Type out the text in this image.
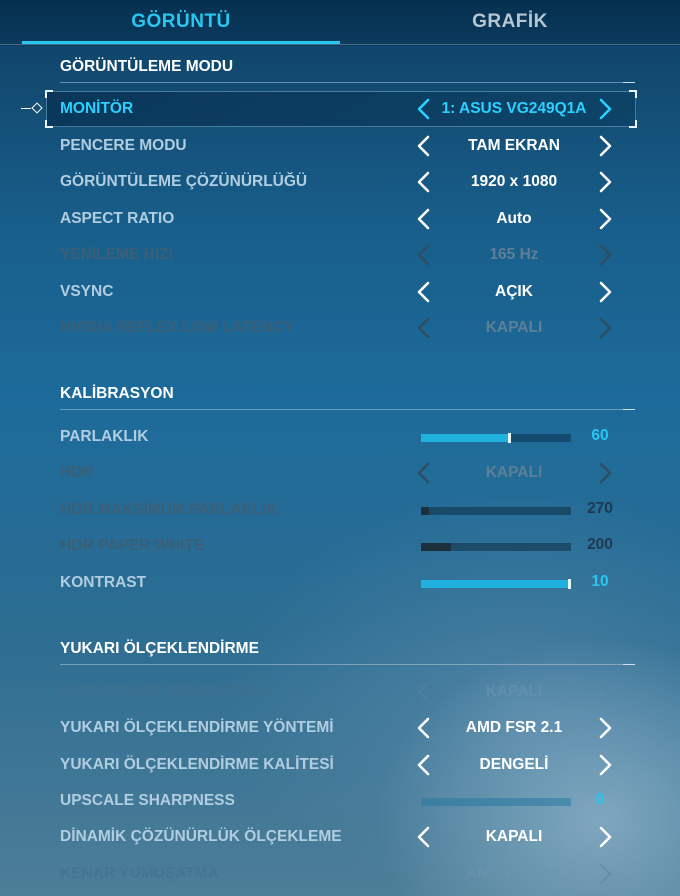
GÖRÜNTÜ	GRAFİK
GÖRÜNTÜLEME MODU
MONİTÖR	1: ASUS VG249Q1A
PENCERE MODU	TAM EKRAN
GÖRÜNTÜLEME ÇÖZÜNÜRLÜĞÜ	1920 x 1080
ASPECT RATIO	Auto
YENİLEME HIZI	165 Hz
VSYNC	AÇIK
NVIDIA REFLEX LOW LATENCY	KAPALI
KALİBRASYON
PARLAKLIK	60
HDR	KAPALI
HDR MAKSİMUM PARLAKLIK	270
HDR PAPER WHITE	200
KONTRAST	10
YUKARI ÖLÇEKLENDİRME
DLSS FRAME GENERATION	KAPALI
YUKARI ÖLÇEKLENDİRME YÖNTEMİ	AMD FSR 2.1
YUKARI ÖLÇEKLENDİRME KALİTESİ	DENGELİ
UPSCALE SHARPNESS	0
DİNAMİK ÇÖZÜNÜRLÜK ÖLÇEKLEME	KAPALI
KENAR YUMUŞATMA	AMD FSR 2.1
